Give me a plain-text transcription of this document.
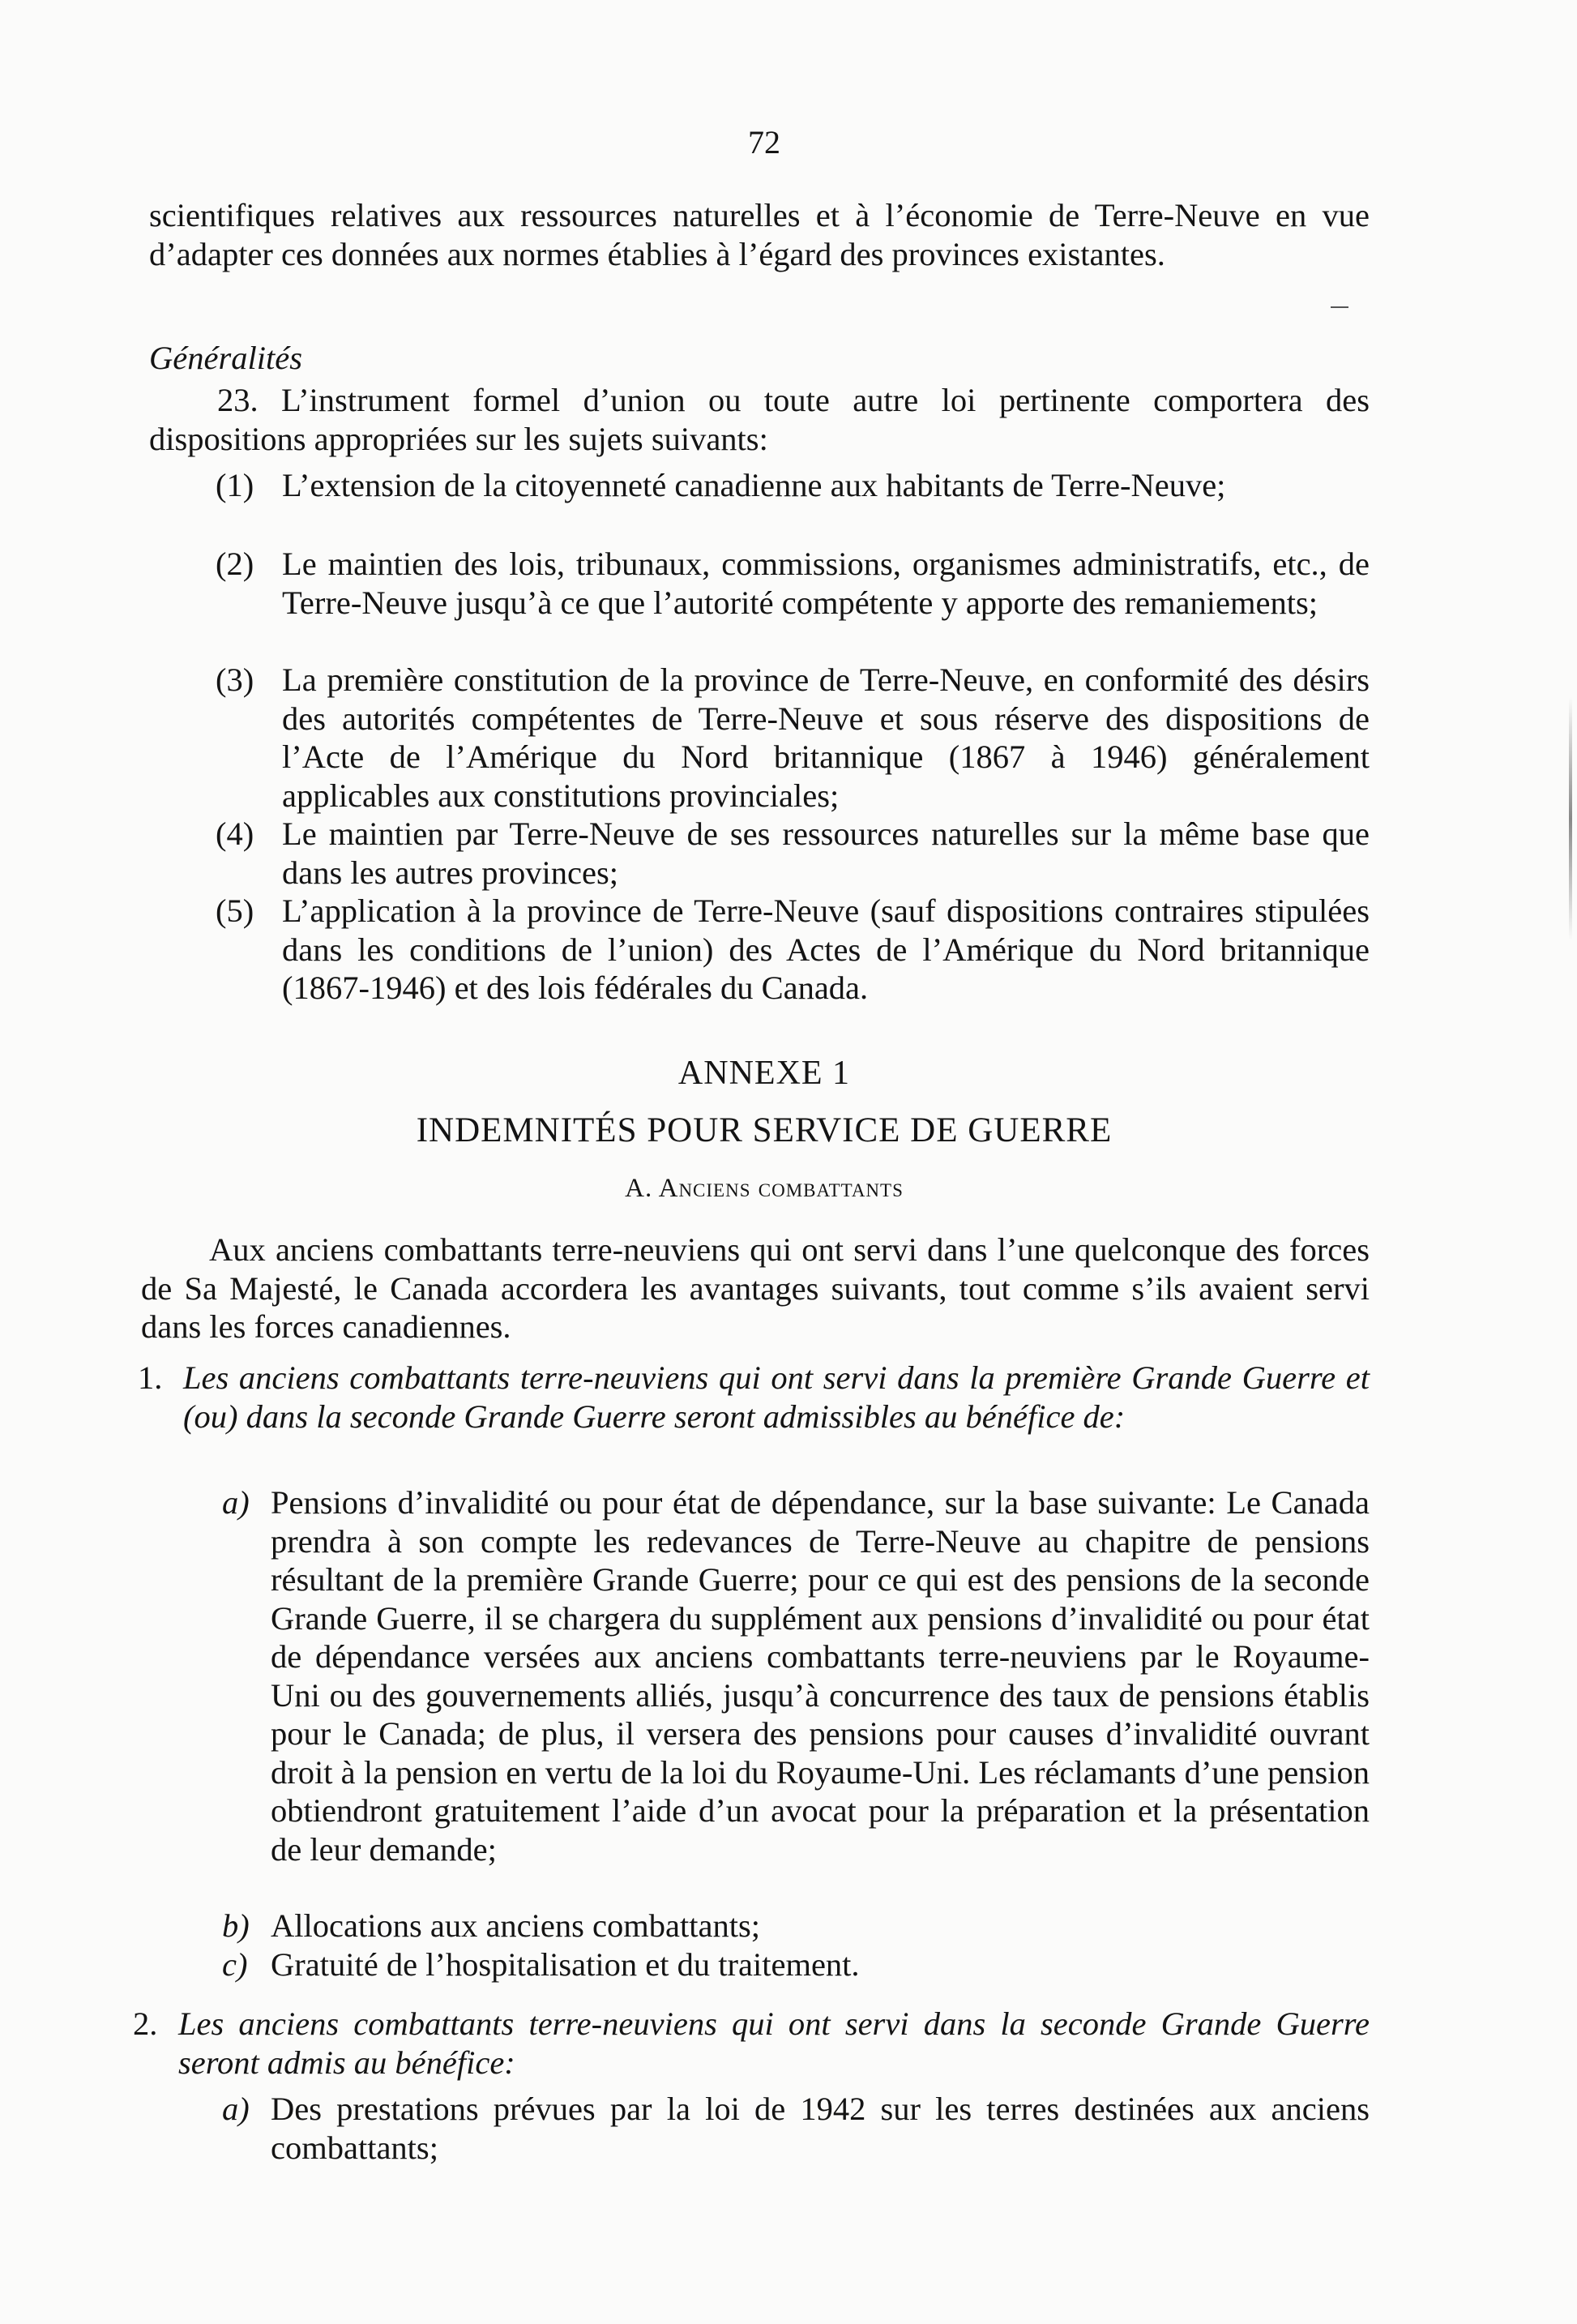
72

scientifiques relatives aux ressources naturelles et à l’économie de Terre-Neuve en vue d’adapter ces données aux normes établies à l’égard des provinces existantes.

Généralités

23. L’instrument formel d’union ou toute autre loi pertinente comportera des dispositions appropriées sur les sujets suivants:

(1) L’extension de la citoyenneté canadienne aux habitants de Terre-Neuve;
(2) Le maintien des lois, tribunaux, commissions, organismes administratifs, etc., de Terre-Neuve jusqu’à ce que l’autorité compétente y apporte des remaniements;
(3) La première constitution de la province de Terre-Neuve, en conformité des désirs des autorités compétentes de Terre-Neuve et sous réserve des dispositions de l’Acte de l’Amérique du Nord britannique (1867 à 1946) généralement applicables aux constitutions provinciales;
(4) Le maintien par Terre-Neuve de ses ressources naturelles sur la même base que dans les autres provinces;
(5) L’application à la province de Terre-Neuve (sauf dispositions contraires stipulées dans les conditions de l’union) des Actes de l’Amérique du Nord britannique (1867-1946) et des lois fédérales du Canada.
ANNEXE 1
INDEMNITÉS POUR SERVICE DE GUERRE
A. Anciens combattants

Aux anciens combattants terre-neuviens qui ont servi dans l’une quelconque des forces de Sa Majesté, le Canada accordera les avantages suivants, tout comme s’ils avaient servi dans les forces canadiennes.

1. Les anciens combattants terre-neuviens qui ont servi dans la première Grande Guerre et (ou) dans la seconde Grande Guerre seront admissibles au bénéfice de:
a) Pensions d’invalidité ou pour état de dépendance, sur la base suivante: Le Canada prendra à son compte les redevances de Terre-Neuve au chapitre de pensions résultant de la première Grande Guerre; pour ce qui est des pensions de la seconde Grande Guerre, il se chargera du supplément aux pensions d’invalidité ou pour état de dépendance versées aux anciens combattants terre-neuviens par le Royaume-Uni ou des gouvernements alliés, jusqu’à concurrence des taux de pensions établis pour le Canada; de plus, il versera des pensions pour causes d’invalidité ouvrant droit à la pension en vertu de la loi du Royaume-Uni. Les réclamants d’une pension obtiendront gratuitement l’aide d’un avocat pour la préparation et la présentation de leur demande;
b) Allocations aux anciens combattants;
c) Gratuité de l’hospitalisation et du traitement.
2. Les anciens combattants terre-neuviens qui ont servi dans la seconde Grande Guerre seront admis au bénéfice:
a) Des prestations prévues par la loi de 1942 sur les terres destinées aux anciens combattants;
